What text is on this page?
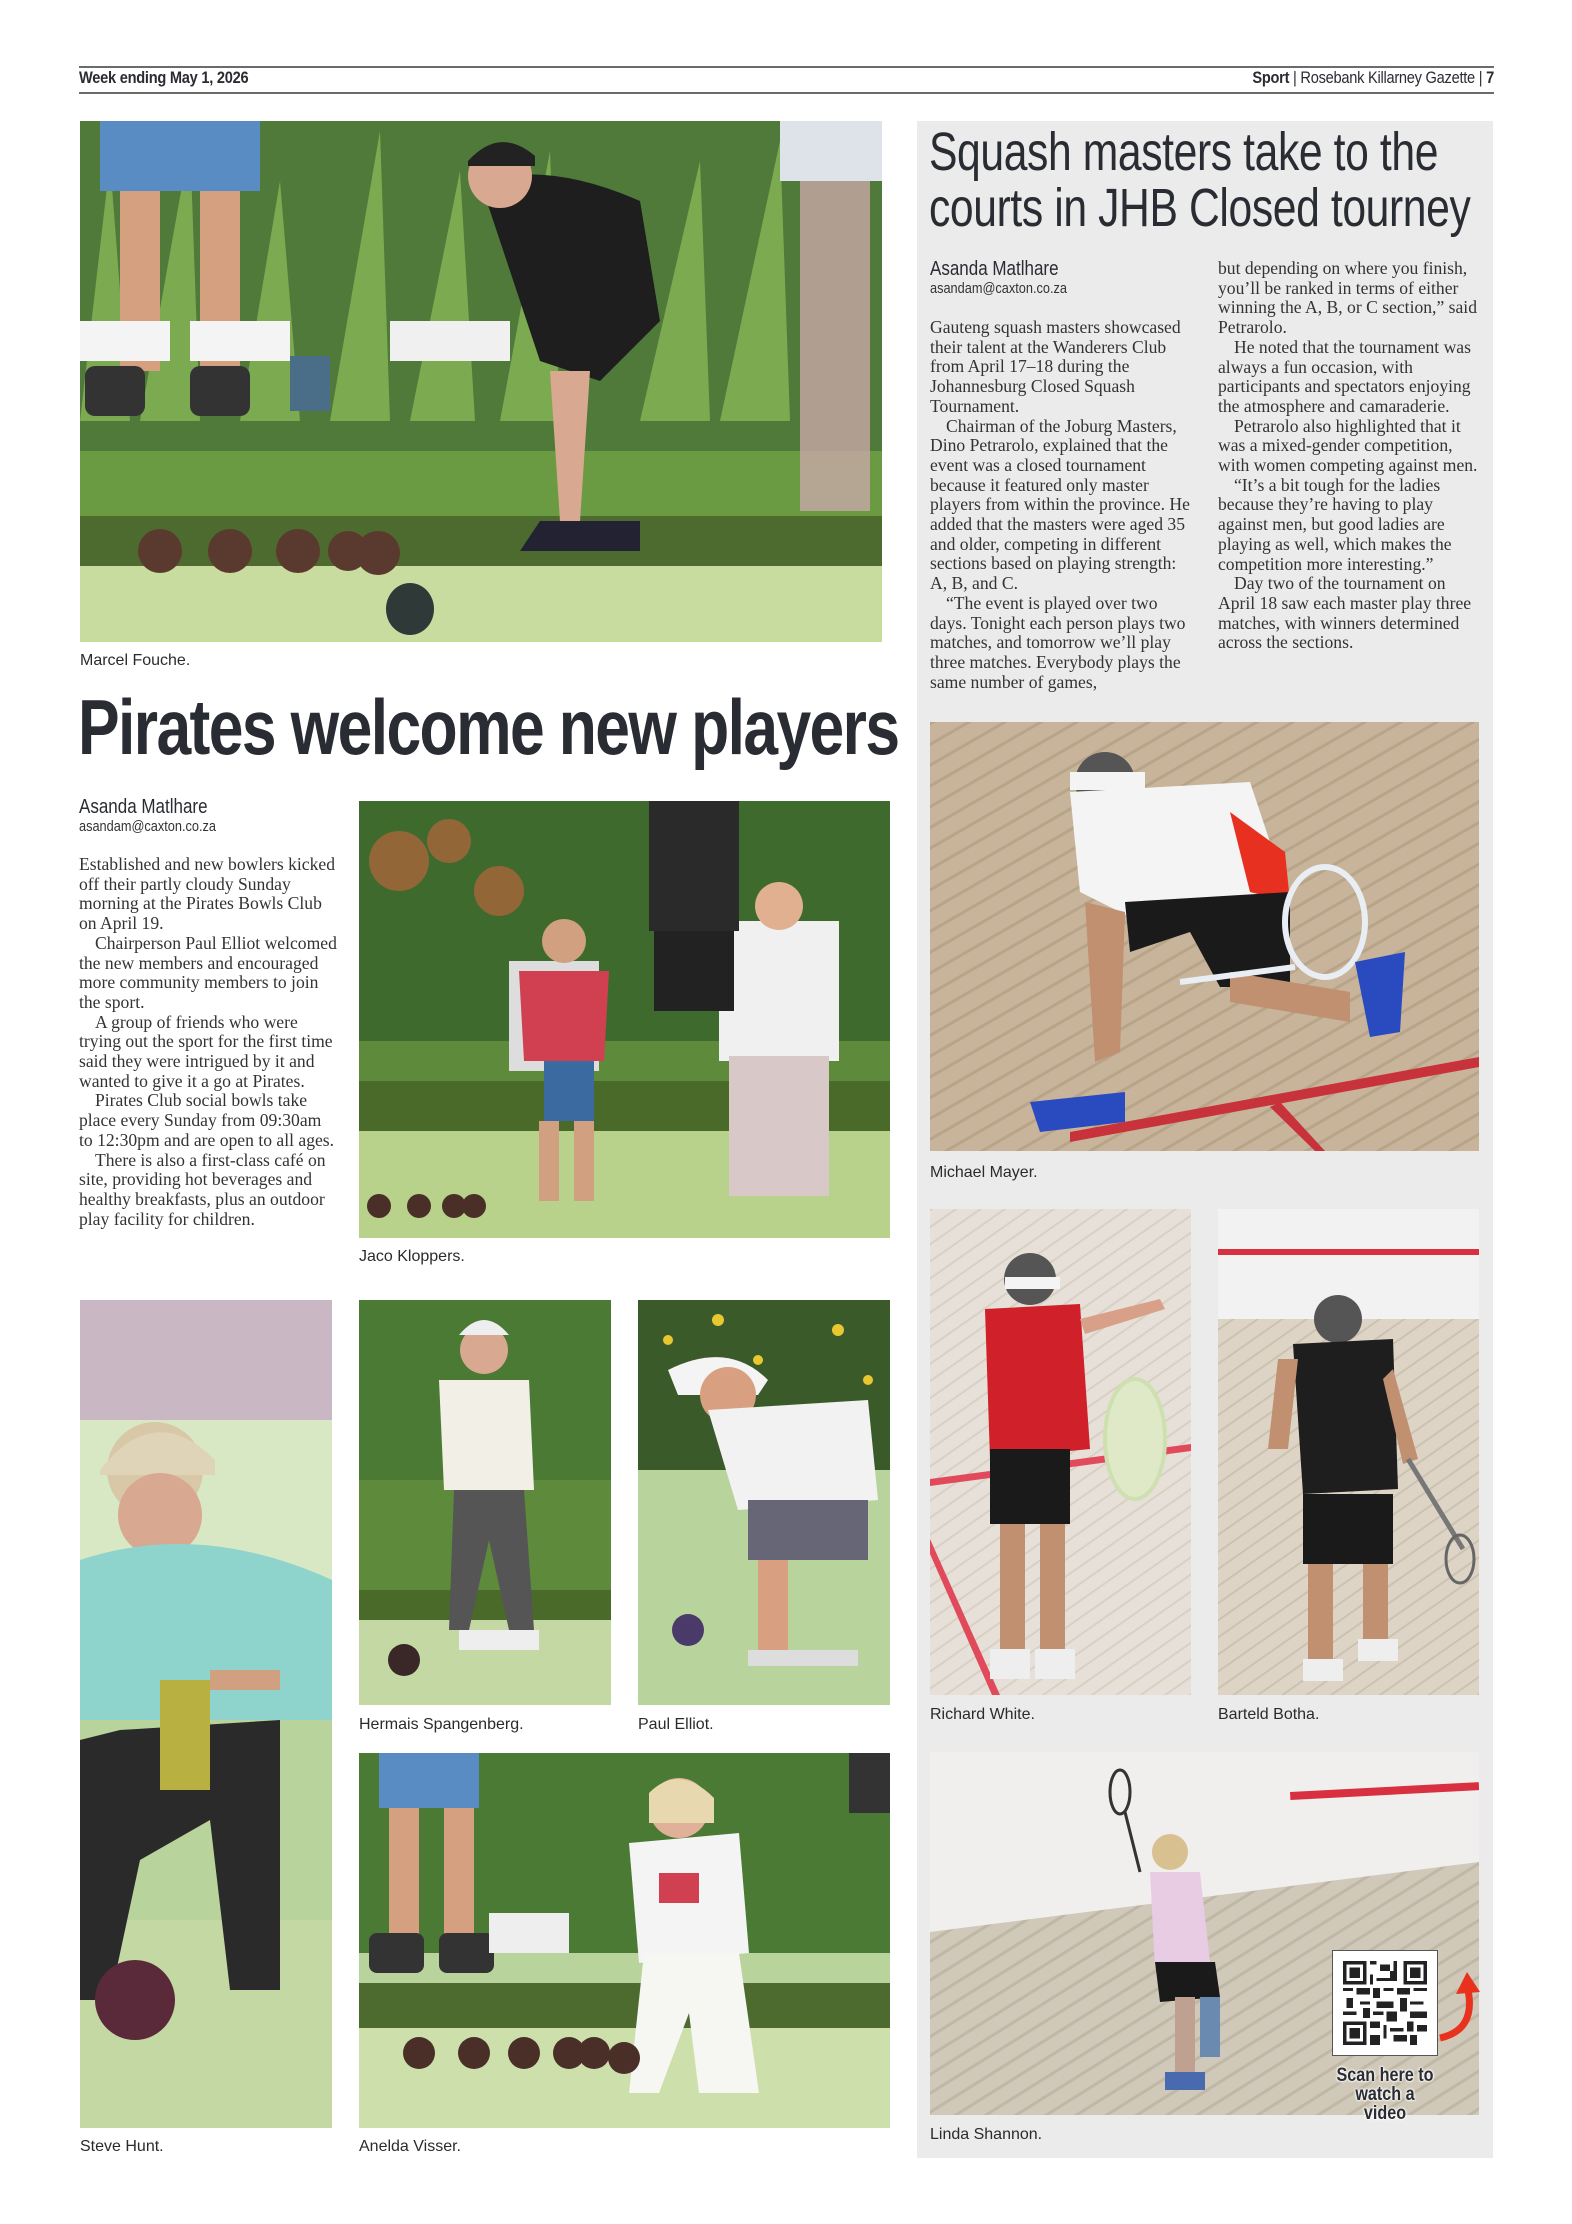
Week ending May 1, 2026	Sport | Rosebank Killarney Gazette | 7
Marcel Fouche.
Pirates welcome new players
Asanda Matlhare
asandam@caxton.co.za

Established and new bowlers kicked off their partly cloudy Sunday morning at the Pirates Bowls Club on April 19.

Chairperson Paul Elliot welcomed the new members and encouraged more community members to join the sport.

A group of friends who were trying out the sport for the first time said they were intrigued by it and wanted to give it a go at Pirates.

Pirates Club social bowls take place every Sunday from 09:30am to 12:30pm and are open to all ages.

There is also a first-class café on site, providing hot beverages and healthy breakfasts, plus an outdoor play facility for children.

Jaco Kloppers.
Steve Hunt.
Hermais Spangenberg.	Paul Elliot.
Anelda Visser.
Squash masters take to the
courts in JHB Closed tourney
Asanda Matlhare
asandam@caxton.co.za

Gauteng squash masters showcased their talent at the Wanderers Club from April 17–18 during the Johannesburg Closed Squash Tournament.

Chairman of the Joburg Masters, Dino Petrarolo, explained that the event was a closed tournament because it featured only master players from within the province. He added that the masters were aged 35 and older, competing in different sections based on playing strength: A, B, and C.

“The event is played over two days. Tonight each person plays two matches, and tomorrow we’ll play three matches. Everybody plays the same number of games,

but depending on where you finish, you’ll be ranked in terms of either winning the A, B, or C section,” said Petrarolo.

He noted that the tournament was always a fun occasion, with participants and spectators enjoying the atmosphere and camaraderie.

Petrarolo also highlighted that it was a mixed-gender competition, with women competing against men.

“It’s a bit tough for the ladies because they’re having to play against men, but good ladies are playing as well, which makes the competition more interesting.”

Day two of the tournament on April 18 saw each master play three matches, with winners determined across the sections.

Michael Mayer.
Richard White.	Barteld Botha.
Linda Shannon.
Scan here to
watch a video
